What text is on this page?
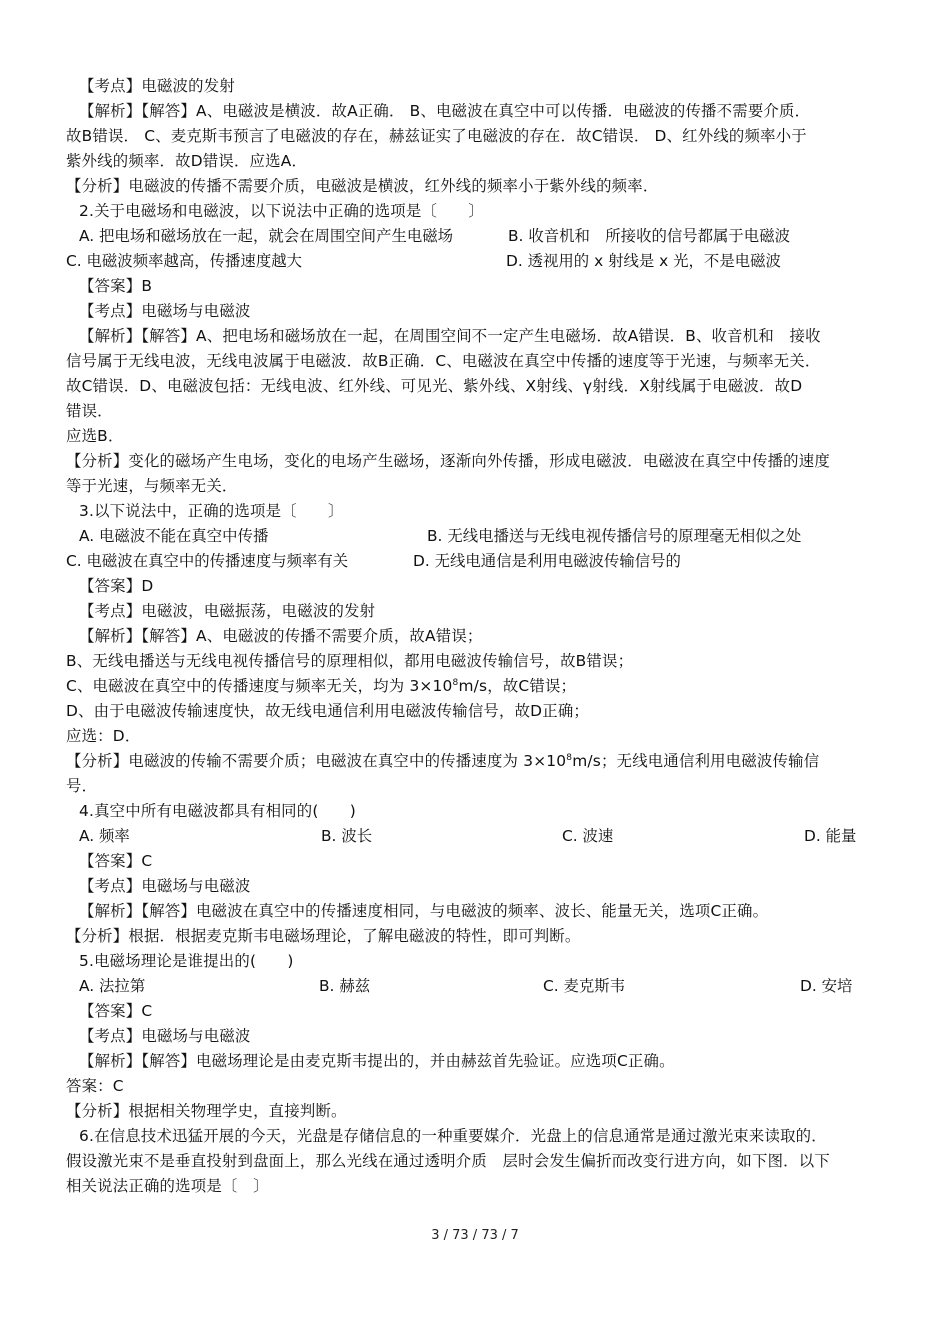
【考点】电磁波的发射
【解析】【解答】A、电磁波是横波．故A正确． B、电磁波在真空中可以传播．电磁波的传播不需要介质．
故B错误． C、麦克斯韦预言了电磁波的存在，赫兹证实了电磁波的存在．故C错误． D、红外线的频率小于
紫外线的频率．故D错误．应选A．
【分析】电磁波的传播不需要介质，电磁波是横波，红外线的频率小于紫外线的频率．
2.关于电磁场和电磁波，以下说法中正确的选项是〔　　〕
A. 把电场和磁场放在一起，就会在周围空间产生电磁场	B. 收音机和　所接收的信号都属于电磁波
C. 电磁波频率越高，传播速度越大	D. 透视用的 x 射线是 x 光，不是电磁波
【答案】B
【考点】电磁场与电磁波
【解析】【解答】A、把电场和磁场放在一起，在周围空间不一定产生电磁场．故A错误．B、收音机和　接收
信号属于无线电波，无线电波属于电磁波．故B正确．C、电磁波在真空中传播的速度等于光速，与频率无关．
故C错误．D、电磁波包括：无线电波、红外线、可见光、紫外线、X射线、γ射线．X射线属于电磁波．故D
错误．
应选B．
【分析】变化的磁场产生电场，变化的电场产生磁场，逐渐向外传播，形成电磁波．电磁波在真空中传播的速度
等于光速，与频率无关．
3.以下说法中，正确的选项是〔　　〕
A. 电磁波不能在真空中传播	B. 无线电播送与无线电视传播信号的原理毫无相似之处
C. 电磁波在真空中的传播速度与频率有关	D. 无线电通信是利用电磁波传输信号的
【答案】D
【考点】电磁波，电磁振荡，电磁波的发射
【解析】【解答】A、电磁波的传播不需要介质，故A错误；
B、无线电播送与无线电视传播信号的原理相似，都用电磁波传输信号，故B错误；
C、电磁波在真空中的传播速度与频率无关，均为 $3\times 10^8m/s$，故C错误；
D、由于电磁波传输速度快，故无线电通信利用电磁波传输信号，故D正确；
应选：D．
【分析】电磁波的传输不需要介质；电磁波在真空中的传播速度为 $3\times 10^8m/s$；无线电通信利用电磁波传输信
号．
4.真空中所有电磁波都具有相同的(　　)
A. 频率	B. 波长	C. 波速	D. 能量
【答案】C
【考点】电磁场与电磁波
【解析】【解答】电磁波在真空中的传播速度相同，与电磁波的频率、波长、能量无关，选项C正确。
【分析】根据．根据麦克斯韦电磁场理论，了解电磁波的特性，即可判断。
5.电磁场理论是谁提出的(　　)
A. 法拉第	B. 赫兹	C. 麦克斯韦	D. 安培
【答案】C
【考点】电磁场与电磁波
【解析】【解答】电磁场理论是由麦克斯韦提出的，并由赫兹首先验证。应选项C正确。
答案：C
【分析】根据相关物理学史，直接判断。
6.在信息技术迅猛开展的今天，光盘是存储信息的一种重要媒介．光盘上的信息通常是通过激光束来读取的．
假设激光束不是垂直投射到盘面上，那么光线在通过透明介质　层时会发生偏折而改变行进方向，如下图．以下
相关说法正确的选项是〔　〕
3 / 73 / 73 / 7
